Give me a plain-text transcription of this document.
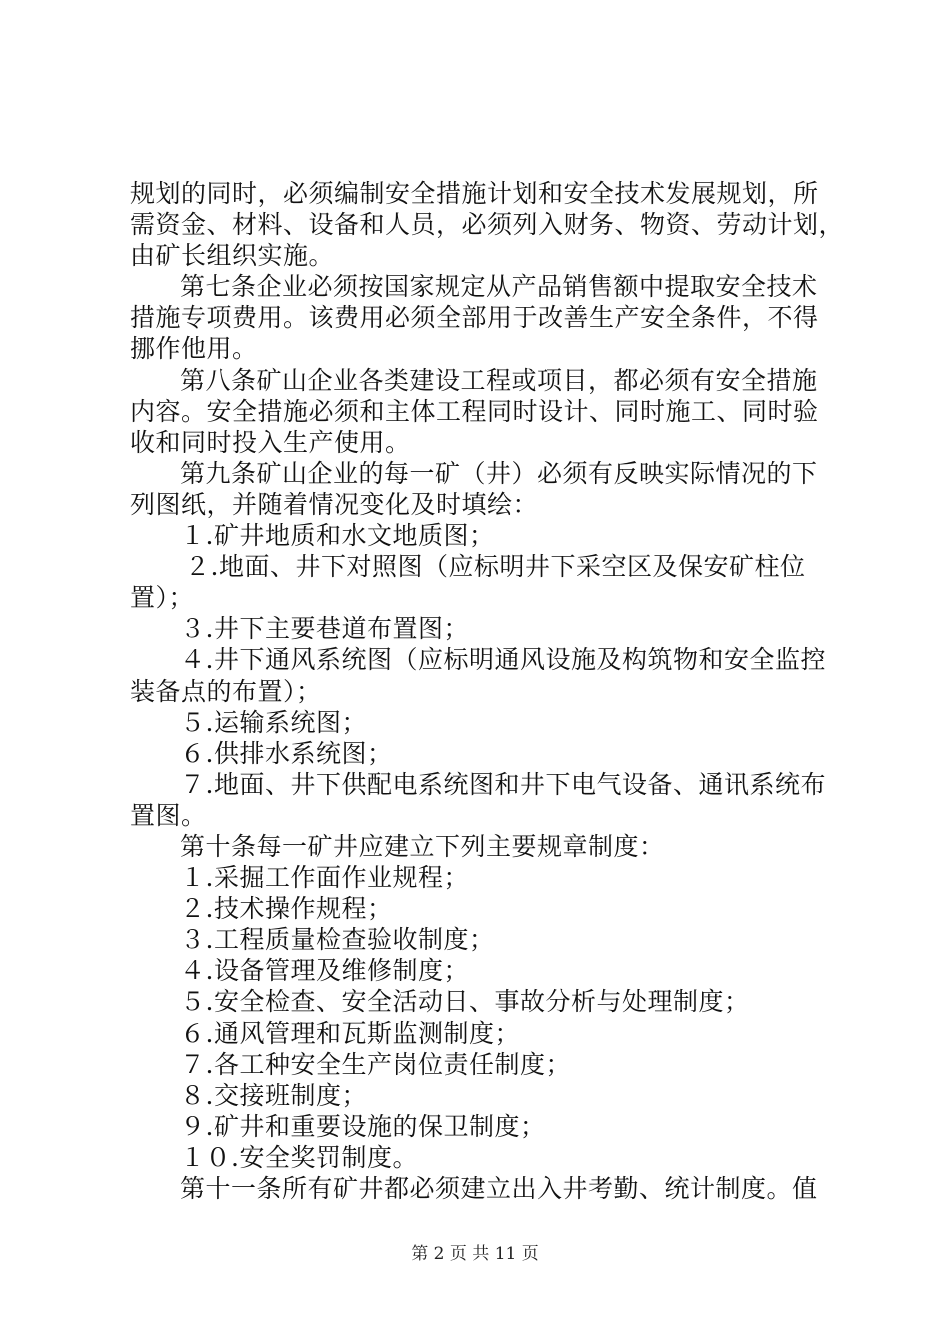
规划的同时，必须编制安全措施计划和安全技术发展规划，所
需资金、材料、设备和人员，必须列入财务、物资、劳动计划，
由矿长组织实施。
第七条企业必须按国家规定从产品销售额中提取安全技术
措施专项费用。该费用必须全部用于改善生产安全条件，不得
挪作他用。
第八条矿山企业各类建设工程或项目，都必须有安全措施
内容。安全措施必须和主体工程同时设计、同时施工、同时验
收和同时投入生产使用。
第九条矿山企业的每一矿（井）必须有反映实际情况的下
列图纸，并随着情况变化及时填绘：
１.矿井地质和水文地质图；
２.地面、井下对照图（应标明井下采空区及保安矿柱位
置）；
３.井下主要巷道布置图；
４.井下通风系统图（应标明通风设施及构筑物和安全监控
装备点的布置）；
５.运输系统图；
６.供排水系统图；
７.地面、井下供配电系统图和井下电气设备、通讯系统布
置图。
第十条每一矿井应建立下列主要规章制度：
１.采掘工作面作业规程；
２.技术操作规程；
３.工程质量检查验收制度；
４.设备管理及维修制度；
５.安全检查、安全活动日、事故分析与处理制度；
６.通风管理和瓦斯监测制度；
７.各工种安全生产岗位责任制度；
８.交接班制度；
９.矿井和重要设施的保卫制度；
１０.安全奖罚制度。
第十一条所有矿井都必须建立出入井考勤、统计制度。值
第 2 页 共 11 页
